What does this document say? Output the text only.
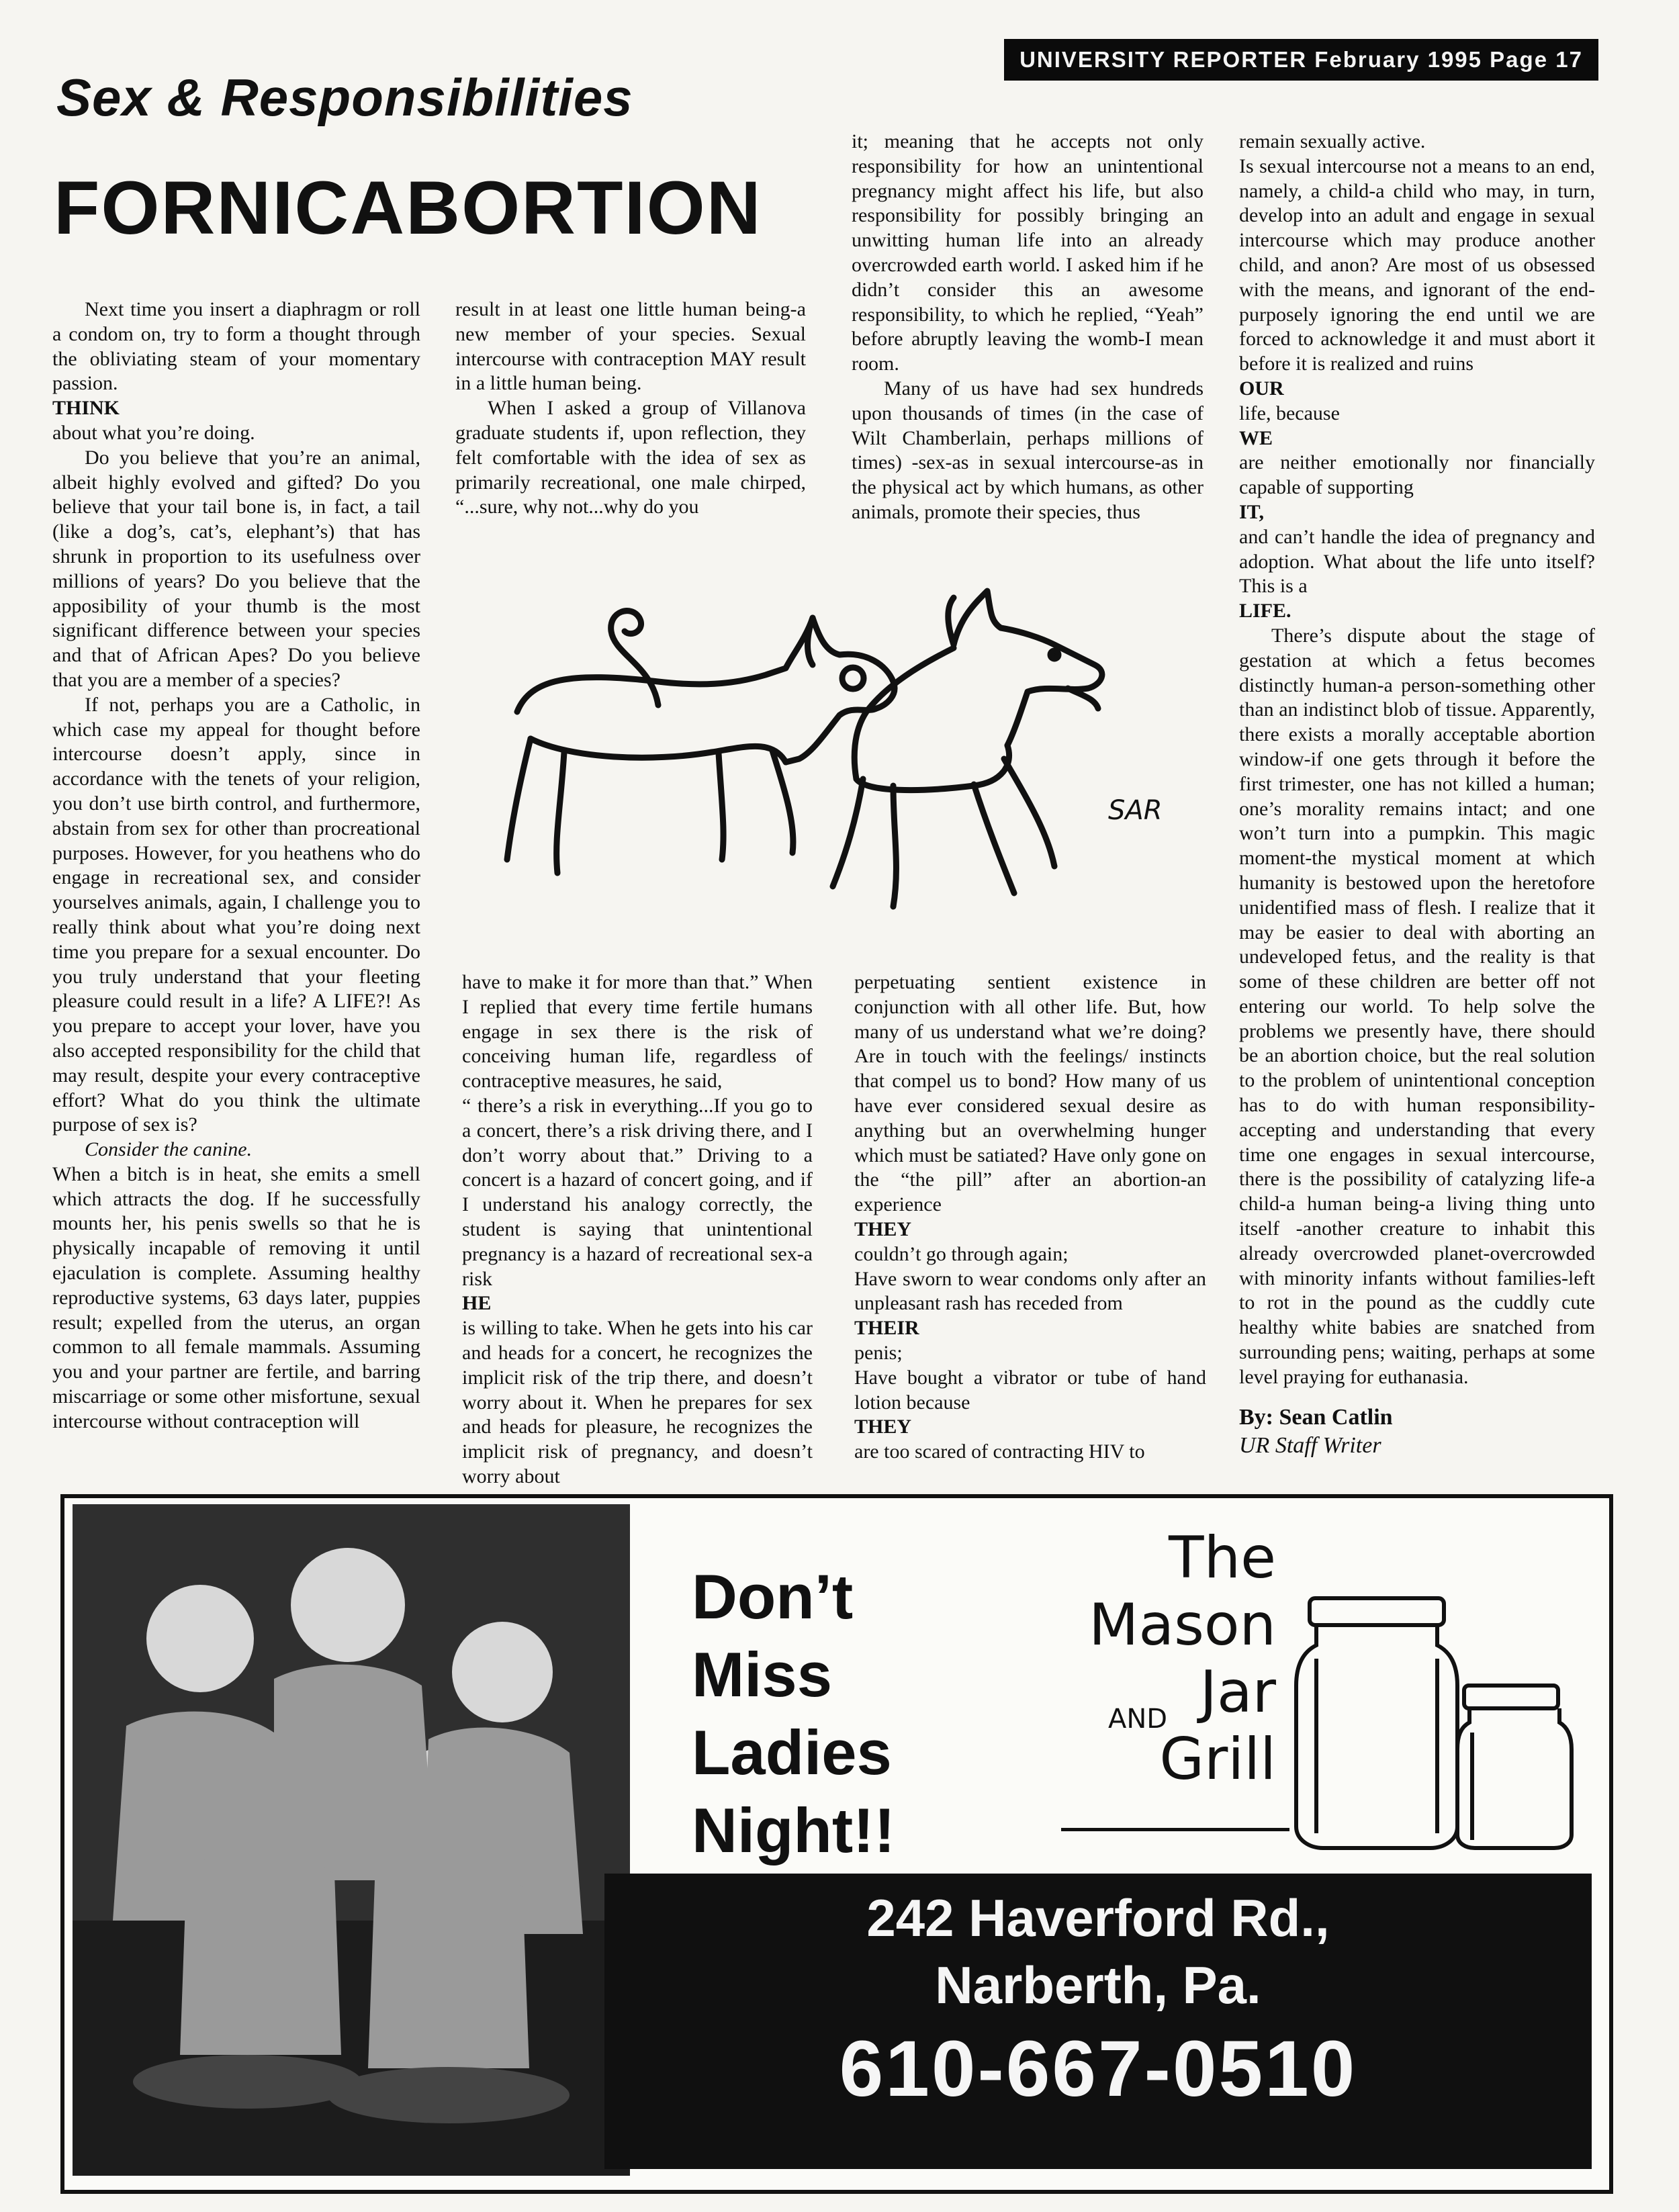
UNIVERSITY REPORTER February 1995 Page 17
Sex & Responsibilities
FORNICABORTION

Next time you insert a diaphragm or roll a condom on, try to form a thought through the obliviating steam of your momentary passion.

THINK

about what you’re doing.

Do you believe that you’re an animal, albeit highly evolved and gifted? Do you believe that your tail bone is, in fact, a tail (like a dog’s, cat’s, elephant’s) that has shrunk in proportion to its usefulness over millions of years? Do you believe that the apposibility of your thumb is the most significant difference between your species and that of African Apes? Do you believe that you are a member of a species?

If not, perhaps you are a Catholic, in which case my appeal for thought before intercourse doesn’t apply, since in accordance with the tenets of your religion, you don’t use birth control, and furthermore, abstain from sex for other than procreational purposes. However, for you heathens who do engage in recreational sex, and consider yourselves animals, again, I challenge you to really think about what you’re doing next time you prepare for a sexual encounter. Do you truly understand that your fleeting pleasure could result in a life? A LIFE?! As you prepare to accept your lover, have you also accepted responsibility for the child that may result, despite your every contraceptive effort? What do you think the ultimate purpose of sex is?

Consider the canine.

When a bitch is in heat, she emits a smell which attracts the dog. If he successfully mounts her, his penis swells so that he is physically incapable of removing it until ejaculation is complete. Assuming healthy reproductive systems, 63 days later, puppies result; expelled from the uterus, an organ common to all female mammals. Assuming you and your partner are fertile, and barring miscarriage or some other misfortune, sexual intercourse without contraception will

result in at least one little human being-a new member of your species. Sexual intercourse with contraception MAY result in a little human being.

When I asked a group of Villanova graduate students if, upon reflection, they felt comfortable with the idea of sex as primarily recreational, one male chirped, “...sure, why not...why do you

it; meaning that he accepts not only responsibility for how an unintentional pregnancy might affect his life, but also responsibility for possibly bringing an unwitting human life into an already overcrowded earth world. I asked him if he didn’t consider this an awesome responsibility, to which he replied, “Yeah” before abruptly leaving the womb-I mean room.

Many of us have had sex hundreds upon thousands of times (in the case of Wilt Chamberlain, perhaps millions of times) -sex-as in sexual intercourse-as in the physical act by which humans, as other animals, promote their species, thus

remain sexually active.

Is sexual intercourse not a means to an end, namely, a child-a child who may, in turn, develop into an adult and engage in sexual intercourse which may produce another child, and anon? Are most of us obsessed with the means, and ignorant of the end-purposely ignoring the end until we are forced to acknowledge it and must abort it before it is realized and ruins

OUR

life, because

WE

are neither emotionally nor financially capable of supporting

IT,

and can’t handle the idea of pregnancy and adoption. What about the life unto itself? This is a

LIFE.

There’s dispute about the stage of gestation at which a fetus becomes distinctly human-a person-something other than an indistinct blob of tissue. Apparently, there exists a morally acceptable abortion window-if one gets through it before the first trimester, one has not killed a human; one’s morality remains intact; and one won’t turn into a pumpkin. This magic moment-the mystical moment at which humanity is bestowed upon the heretofore unidentified mass of flesh. I realize that it may be easier to deal with aborting an undeveloped fetus, and the reality is that some of these children are better off not entering our world. To help solve the problems we presently have, there should be an abortion choice, but the real solution to the problem of unintentional conception has to do with human responsibility-accepting and understanding that every time one engages in sexual intercourse, there is the possibility of catalyzing life-a child-a human being-a living thing unto itself -another creature to inhabit this already overcrowded planet-overcrowded with minority infants without families-left to rot in the pound as the cuddly cute healthy white babies are snatched from surrounding pens; waiting, perhaps at some level praying for euthanasia.

By: Sean Catlin
UR Staff Writer

have to make it for more than that.” When I replied that every time fertile humans engage in sex there is the risk of conceiving human life, regardless of contraceptive measures, he said,

“ there’s a risk in everything...If you go to a concert, there’s a risk driving there, and I don’t worry about that.” Driving to a concert is a hazard of concert going, and if I understand his analogy correctly, the student is saying that unintentional pregnancy is a hazard of recreational sex-a risk

HE

is willing to take. When he gets into his car and heads for a concert, he recognizes the implicit risk of the trip there, and doesn’t worry about it. When he prepares for sex and heads for pleasure, he recognizes the implicit risk of pregnancy, and doesn’t worry about

perpetuating sentient existence in conjunction with all other life. But, how many of us understand what we’re doing? Are in touch with the feelings/ instincts that compel us to bond? How many of us have ever considered sexual desire as anything but an overwhelming hunger which must be satiated? Have only gone on the “the pill” after an abortion-an experience

THEY

couldn’t go through again;

Have sworn to wear condoms only after an unpleasant rash has receded from

THEIR

penis;

Have bought a vibrator or tube of hand lotion because

THEY

are too scared of contracting HIV to

SAR
Don’t
Miss
Ladies
Night!!
The
Mason
AND Jar
Grill
242 Haverford Rd.,
Narberth, Pa.
610-667-0510
